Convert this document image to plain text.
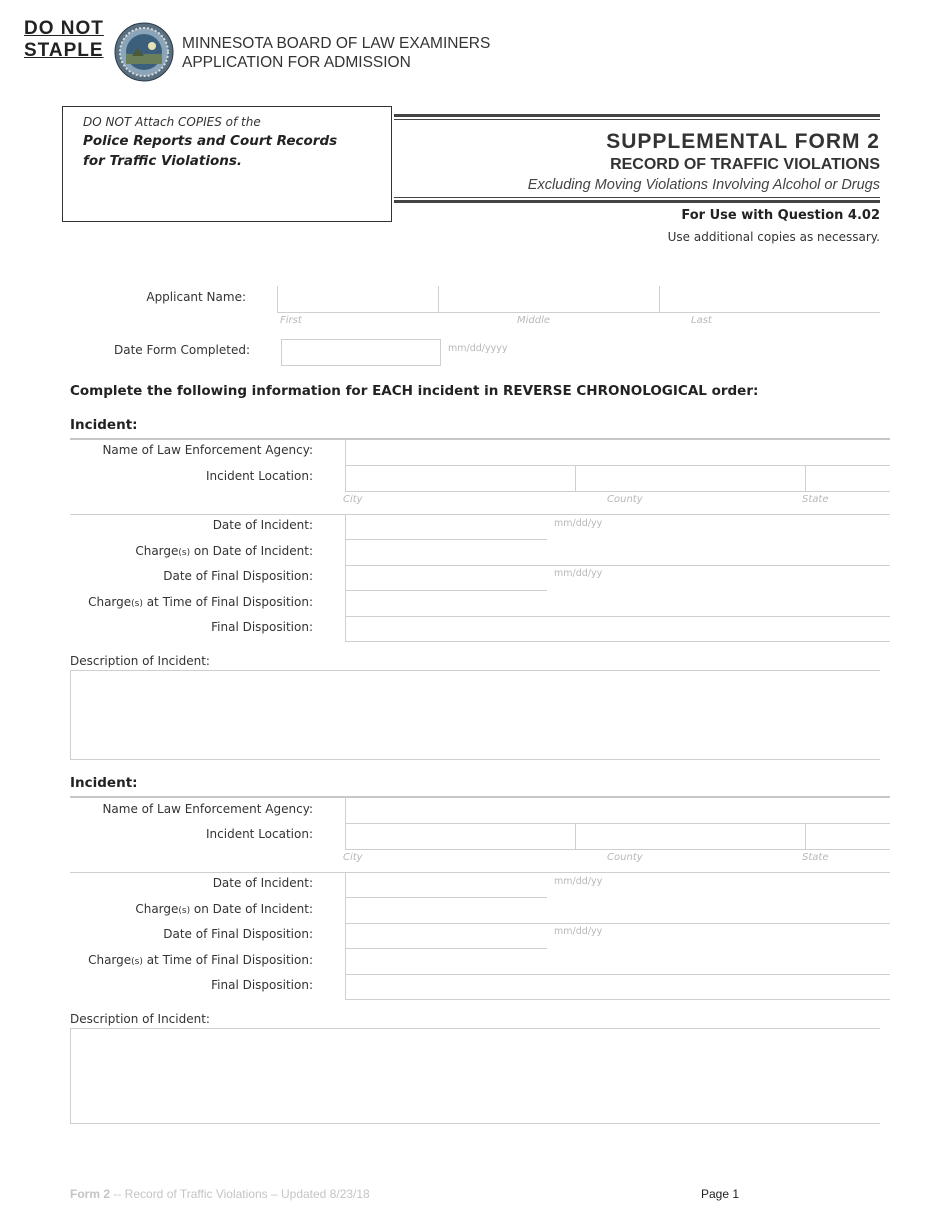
DO NOT
STAPLE	MINNESOTA BOARD OF LAW EXAMINERS
APPLICATION FOR ADMISSION
DO NOT Attach COPIES of the
Police Reports and Court Records
for Traffic Violations.
SUPPLEMENTAL FORM 2
RECORD OF TRAFFIC VIOLATIONS
Excluding Moving Violations Involving Alcohol or Drugs
For Use with Question 4.02
Use additional copies as necessary.
Applicant Name:
First	Middle	Last
Date Form Completed:	mm/dd/yyyy
Complete the following information for EACH incident in REVERSE CHRONOLOGICAL order:
Incident:
Name of Law Enforcement Agency:
Incident Location:
City	County	State
Date of Incident:	mm/dd/yy
Charge(s) on Date of Incident:
Date of Final Disposition:	mm/dd/yy
Charge(s) at Time of Final Disposition:
Final Disposition:
Description of Incident:
Incident:
Name of Law Enforcement Agency:
Incident Location:
City	County	State
Date of Incident:	mm/dd/yy
Charge(s) on Date of Incident:
Date of Final Disposition:	mm/dd/yy
Charge(s) at Time of Final Disposition:
Final Disposition:
Description of Incident:
Form 2 -- Record of Traffic Violations – Updated 8/23/18	Page 1
